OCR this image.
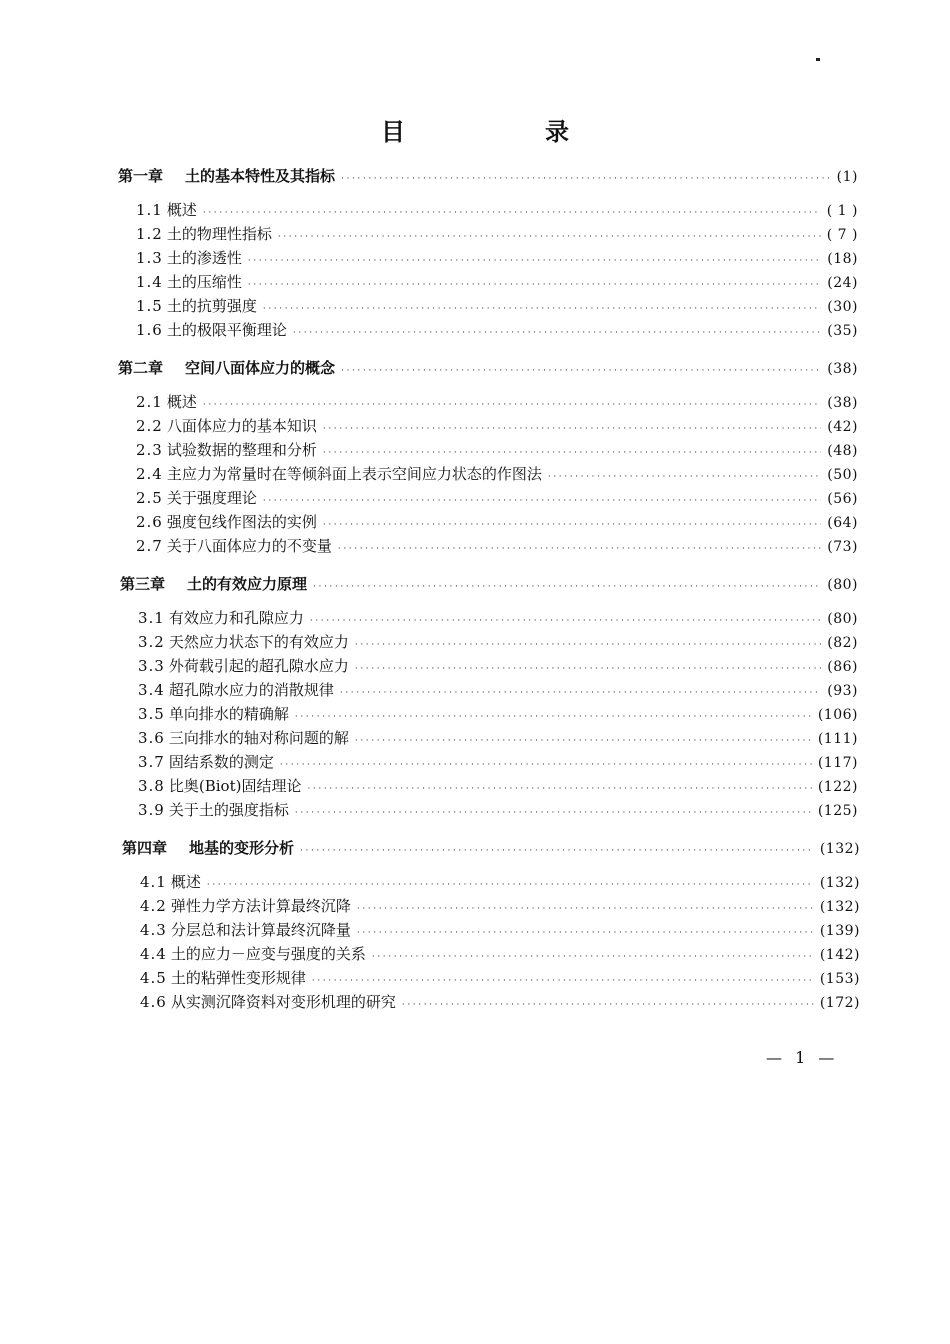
目　录
第一章 土的基本特性及其指标 ·····	(1)
1.1 概述 ·····	( 1 )
1.2 土的物理性指标 ·····	( 7 )
1.3 土的渗透性 ·····	(18)
1.4 土的压缩性 ·····	(24)
1.5 土的抗剪强度 ·····	(30)
1.6 土的极限平衡理论 ·····	(35)
第二章 空间八面体应力的概念 ·····	(38)
2.1 概述 ·····	(38)
2.2 八面体应力的基本知识 ·····	(42)
2.3 试验数据的整理和分析 ·····	(48)
2.4 主应力为常量时在等倾斜面上表示空间应力状态的作图法 ·····	(50)
2.5 关于强度理论 ·····	(56)
2.6 强度包线作图法的实例 ·····	(64)
2.7 关于八面体应力的不变量 ·····	(73)
第三章 土的有效应力原理 ·····	(80)
3.1 有效应力和孔隙应力 ·····	(80)
3.2 天然应力状态下的有效应力 ·····	(82)
3.3 外荷载引起的超孔隙水应力 ·····	(86)
3.4 超孔隙水应力的消散规律 ·····	(93)
3.5 单向排水的精确解 ·····	(106)
3.6 三向排水的轴对称问题的解 ·····	(111)
3.7 固结系数的测定 ·····	(117)
3.8 比奥(Biot)固结理论 ·····	(122)
3.9 关于土的强度指标 ·····	(125)
第四章 地基的变形分析 ·····	(132)
4.1 概述 ·····	(132)
4.2 弹性力学方法计算最终沉降 ·····	(132)
4.3 分层总和法计算最终沉降量 ·····	(139)
4.4 土的应力－应变与强度的关系 ·····	(142)
4.5 土的粘弹性变形规律 ·····	(153)
4.6 从实测沉降资料对变形机理的研究 ·····	(172)
— 1 —
